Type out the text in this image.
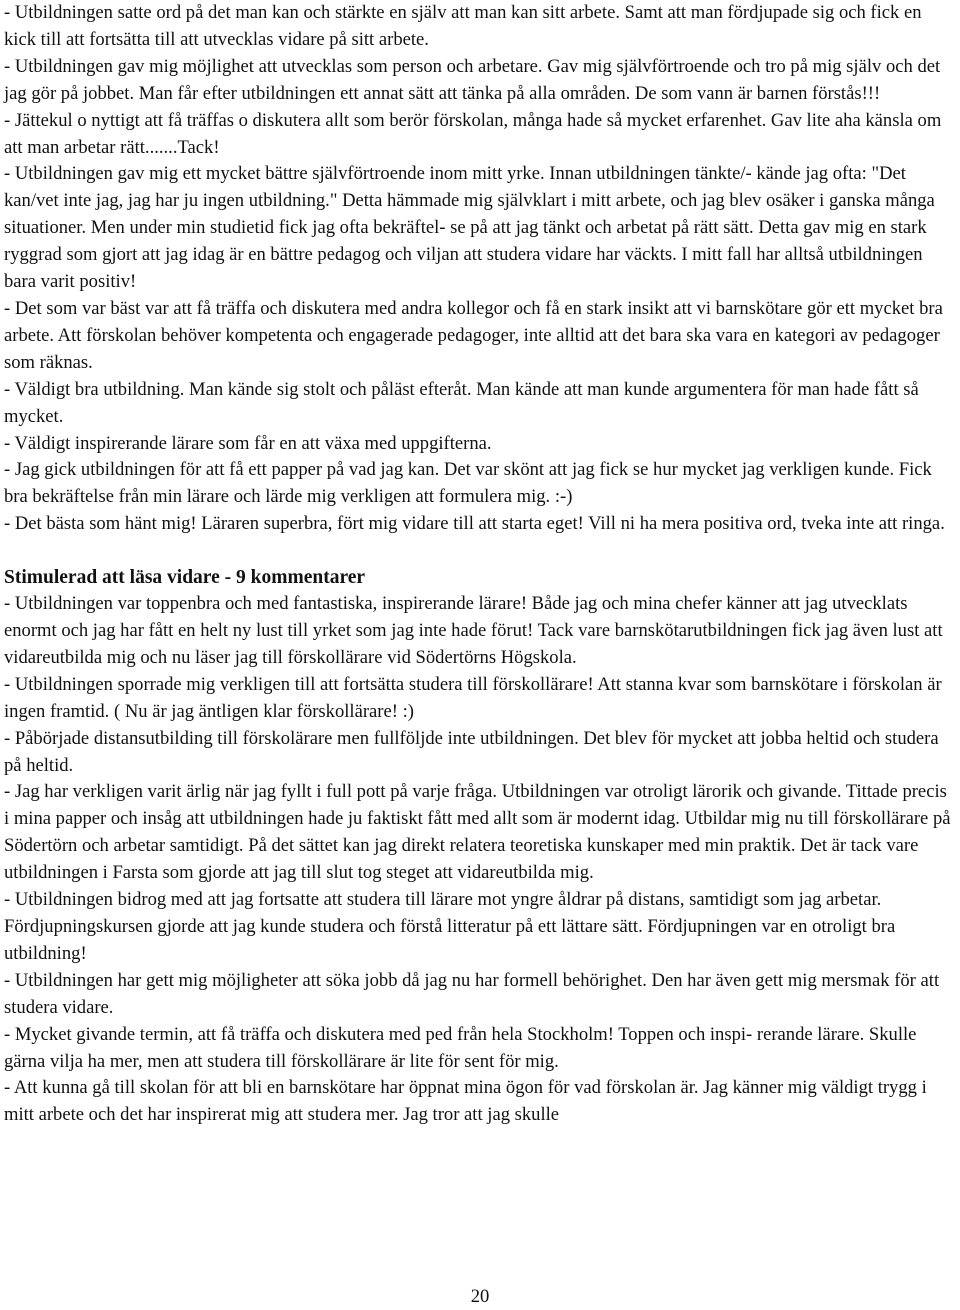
- Utbildningen satte ord på det man kan och stärkte en själv att man kan sitt arbete. Samt att man fördjupade sig och fick en kick till att fortsätta till att utvecklas vidare på sitt arbete.

- Utbildningen gav mig möjlighet att utvecklas som person och arbetare. Gav mig självförtroende och tro på mig själv och det jag gör på jobbet. Man får efter utbildningen ett annat sätt att tänka på alla områden. De som vann är barnen förstås!!!

- Jättekul o nyttigt att få träffas o diskutera allt som berör förskolan, många hade så mycket erfarenhet. Gav lite aha känsla om att man arbetar rätt.......Tack!

- Utbildningen gav mig ett mycket bättre självförtroende inom mitt yrke. Innan utbildningen tänkte/- kände jag ofta: "Det kan/vet inte jag, jag har ju ingen utbildning." Detta hämmade mig självklart i mitt arbete, och jag blev osäker i ganska många situationer. Men under min studietid fick jag ofta bekräftel- se på att jag tänkt och arbetat på rätt sätt. Detta gav mig en stark ryggrad som gjort att jag idag är en bättre pedagog och viljan att studera vidare har väckts. I mitt fall har alltså utbildningen bara varit positiv!

- Det som var bäst var att få träffa och diskutera med andra kollegor och få en stark insikt att vi barnskötare gör ett mycket bra arbete. Att förskolan behöver kompetenta och engagerade pedagoger, inte alltid att det bara ska vara en kategori av pedagoger som räknas.

- Väldigt bra utbildning. Man kände sig stolt och påläst efteråt. Man kände att man kunde argumentera för man hade fått så mycket.

- Väldigt inspirerande lärare som får en att växa med uppgifterna.

- Jag gick utbildningen för att få ett papper på vad jag kan. Det var skönt att jag fick se hur mycket jag verkligen kunde. Fick bra bekräftelse från min lärare och lärde mig verkligen att formulera mig. :-)

- Det bästa som hänt mig! Läraren superbra, fört mig vidare till att starta eget! Vill ni ha mera positiva ord, tveka inte att ringa.

Stimulerad att läsa vidare - 9 kommentarer

- Utbildningen var toppenbra och med fantastiska, inspirerande lärare! Både jag och mina chefer känner att jag utvecklats enormt och jag har fått en helt ny lust till yrket som jag inte hade förut! Tack vare barnskötarutbildningen fick jag även lust att vidareutbilda mig och nu läser jag till förskollärare vid Södertörns Högskola.

- Utbildningen sporrade mig verkligen till att fortsätta studera till förskollärare! Att stanna kvar som barnskötare i förskolan är ingen framtid. ( Nu är jag äntligen klar förskollärare! :)

- Påbörjade distansutbilding till förskolärare men fullföljde inte utbildningen. Det blev för mycket att jobba heltid och studera på heltid.

- Jag har verkligen varit ärlig när jag fyllt i full pott på varje fråga. Utbildningen var otroligt lärorik och givande. Tittade precis i mina papper och insåg att utbildningen hade ju faktiskt fått med allt som är modernt idag. Utbildar mig nu till förskollärare på Södertörn och arbetar samtidigt. På det sättet kan jag direkt relatera teoretiska kunskaper med min praktik. Det är tack vare utbildningen i Farsta som gjorde att jag till slut tog steget att vidareutbilda mig.

- Utbildningen bidrog med att jag fortsatte att studera till lärare mot yngre åldrar på distans, samtidigt som jag arbetar. Fördjupningskursen gjorde att jag kunde studera och förstå litteratur på ett lättare sätt. Fördjupningen var en otroligt bra utbildning!

- Utbildningen har gett mig möjligheter att söka jobb då jag nu har formell behörighet. Den har även gett mig mersmak för att studera vidare.

- Mycket givande termin, att få träffa och diskutera med ped från hela Stockholm! Toppen och inspi- rerande lärare. Skulle gärna vilja ha mer, men att studera till förskollärare är lite för sent för mig.

- Att kunna gå till skolan för att bli en barnskötare har öppnat mina ögon för vad förskolan är. Jag känner mig väldigt trygg i mitt arbete och det har inspirerat mig att studera mer. Jag tror att jag skulle

20
